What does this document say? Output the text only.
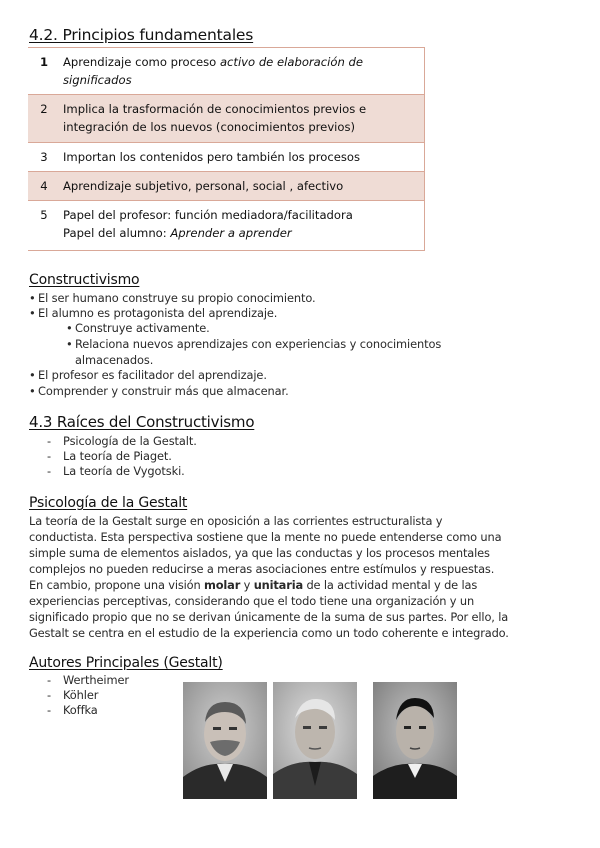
4.2. Principios fundamentales
1	Aprendizaje como proceso activo de elaboración de
significados
2	Implica la trasformación de conocimientos previos e
integración de los nuevos (conocimientos previos)
3	Importan los contenidos pero también los procesos
4	Aprendizaje subjetivo, personal, social , afectivo
5	Papel del profesor: función mediadora/facilitadora
Papel del alumno: Aprender a aprender
Constructivismo
• El ser humano construye su propio conocimiento.
• El alumno es protagonista del aprendizaje.
• Construye activamente.
• Relaciona nuevos aprendizajes con experiencias y conocimientos
almacenados.
• El profesor es facilitador del aprendizaje.
• Comprender y construir más que almacenar.
4.3 Raíces del Constructivismo
- Psicología de la Gestalt.
- La teoría de Piaget.
- La teoría de Vygotski.
Psicología de la Gestalt
La teoría de la Gestalt surge en oposición a las corrientes estructuralista y
conductista. Esta perspectiva sostiene que la mente no puede entenderse como una
simple suma de elementos aislados, ya que las conductas y los procesos mentales
complejos no pueden reducirse a meras asociaciones entre estímulos y respuestas.
En cambio, propone una visión molar y unitaria de la actividad mental y de las
experiencias perceptivas, considerando que el todo tiene una organización y un
significado propio que no se derivan únicamente de la suma de sus partes. Por ello, la
Gestalt se centra en el estudio de la experiencia como un todo coherente e integrado.
Autores Principales (Gestalt)
- Wertheimer
- Köhler
- Koffka
